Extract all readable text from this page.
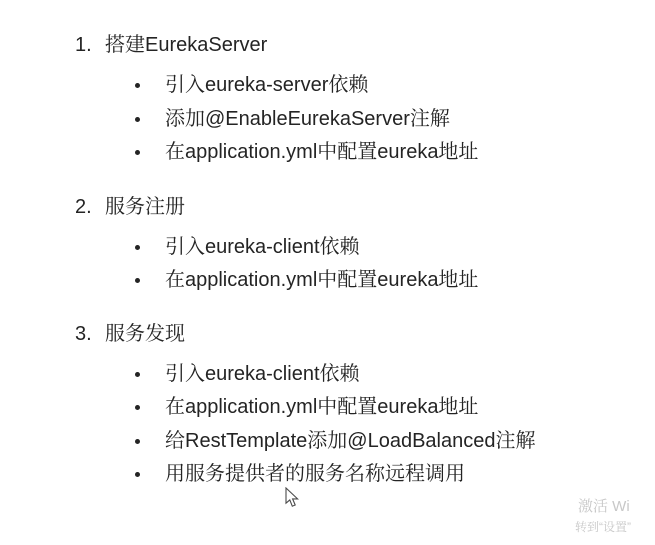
1. 搭建EurekaServer
引入eureka-server依赖
添加@EnableEurekaServer注解
在application.yml中配置eureka地址
2. 服务注册
引入eureka-client依赖
在application.yml中配置eureka地址
3. 服务发现
引入eureka-client依赖
在application.yml中配置eureka地址
给RestTemplate添加@LoadBalanced注解
用服务提供者的服务名称远程调用
激活 Wi
转到“设置”
